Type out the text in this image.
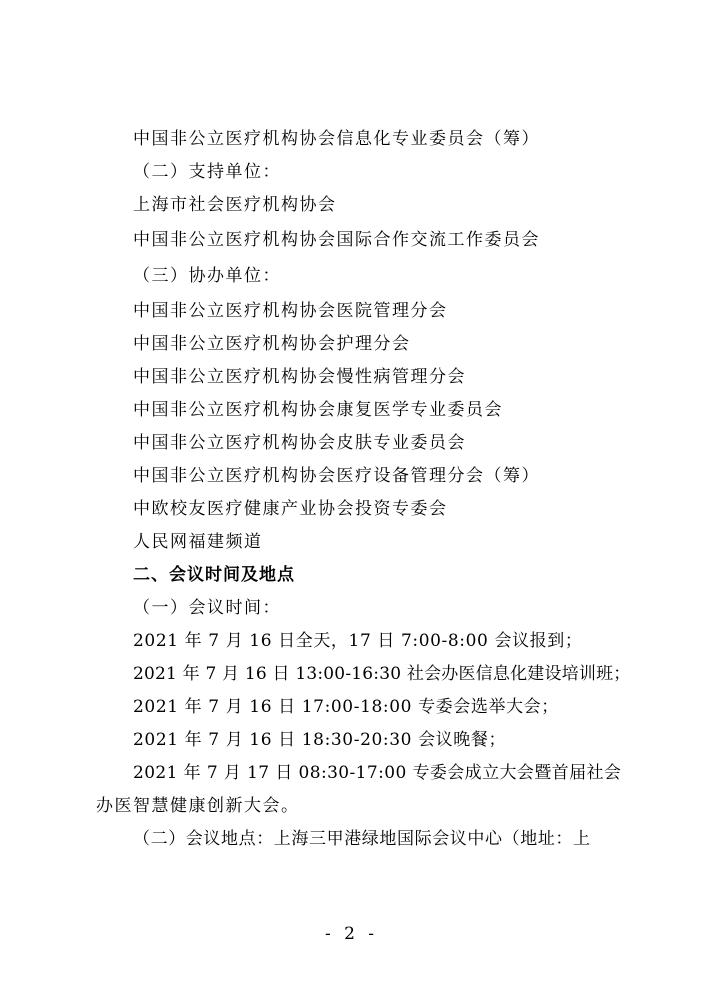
中国非公立医疗机构协会信息化专业委员会（筹）
（二）支持单位：
上海市社会医疗机构协会
中国非公立医疗机构协会国际合作交流工作委员会
（三）协办单位：
中国非公立医疗机构协会医院管理分会
中国非公立医疗机构协会护理分会
中国非公立医疗机构协会慢性病管理分会
中国非公立医疗机构协会康复医学专业委员会
中国非公立医疗机构协会皮肤专业委员会
中国非公立医疗机构协会医疗设备管理分会（筹）
中欧校友医疗健康产业协会投资专委会
人民网福建频道
二、会议时间及地点
（一）会议时间：
2021 年 7 月 16 日全天，17 日 7:00-8:00 会议报到；
2021 年 7 月 16 日 13:00-16:30 社会办医信息化建设培训班；
2021 年 7 月 16 日 17:00-18:00 专委会选举大会；
2021 年 7 月 16 日 18:30-20:30 会议晚餐；
2021 年 7 月 17 日 08:30-17:00 专委会成立大会暨首届社会
办医智慧健康创新大会。
（二）会议地点：上海三甲港绿地国际会议中心（地址：上
- 2 -
